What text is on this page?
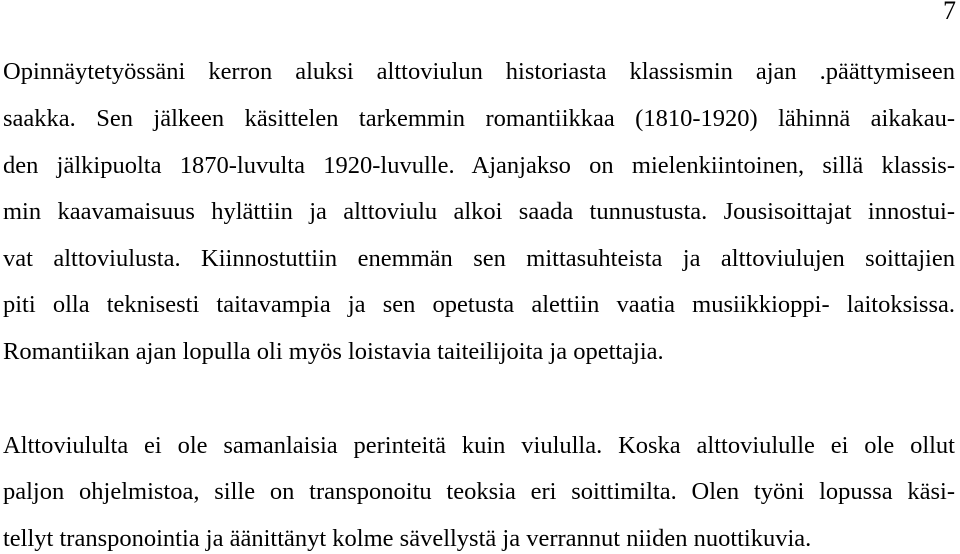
7
Opinnäytetyössäni kerron aluksi alttoviulun historiasta klassismin ajan .päättymiseen
saakka. Sen jälkeen käsittelen tarkemmin romantiikkaa (1810-1920) lähinnä aikakau-
den jälkipuolta 1870-luvulta 1920-luvulle. Ajanjakso on mielenkiintoinen, sillä klassis-
min kaavamaisuus hylättiin ja alttoviulu alkoi saada tunnustusta. Jousisoittajat innostui-
vat alttoviulusta. Kiinnostuttiin enemmän sen mittasuhteista ja alttoviulujen soittajien
piti olla teknisesti taitavampia ja sen opetusta alettiin vaatia musiikkioppi- laitoksissa.
Romantiikan ajan lopulla oli myös loistavia taiteilijoita ja opettajia.
Alttoviululta ei ole samanlaisia perinteitä kuin viululla. Koska alttoviululle ei ole ollut
paljon ohjelmistoa, sille on transponoitu teoksia eri soittimilta. Olen työni lopussa käsi-
tellyt transponointia ja äänittänyt kolme sävellystä ja verrannut niiden nuottikuvia.
